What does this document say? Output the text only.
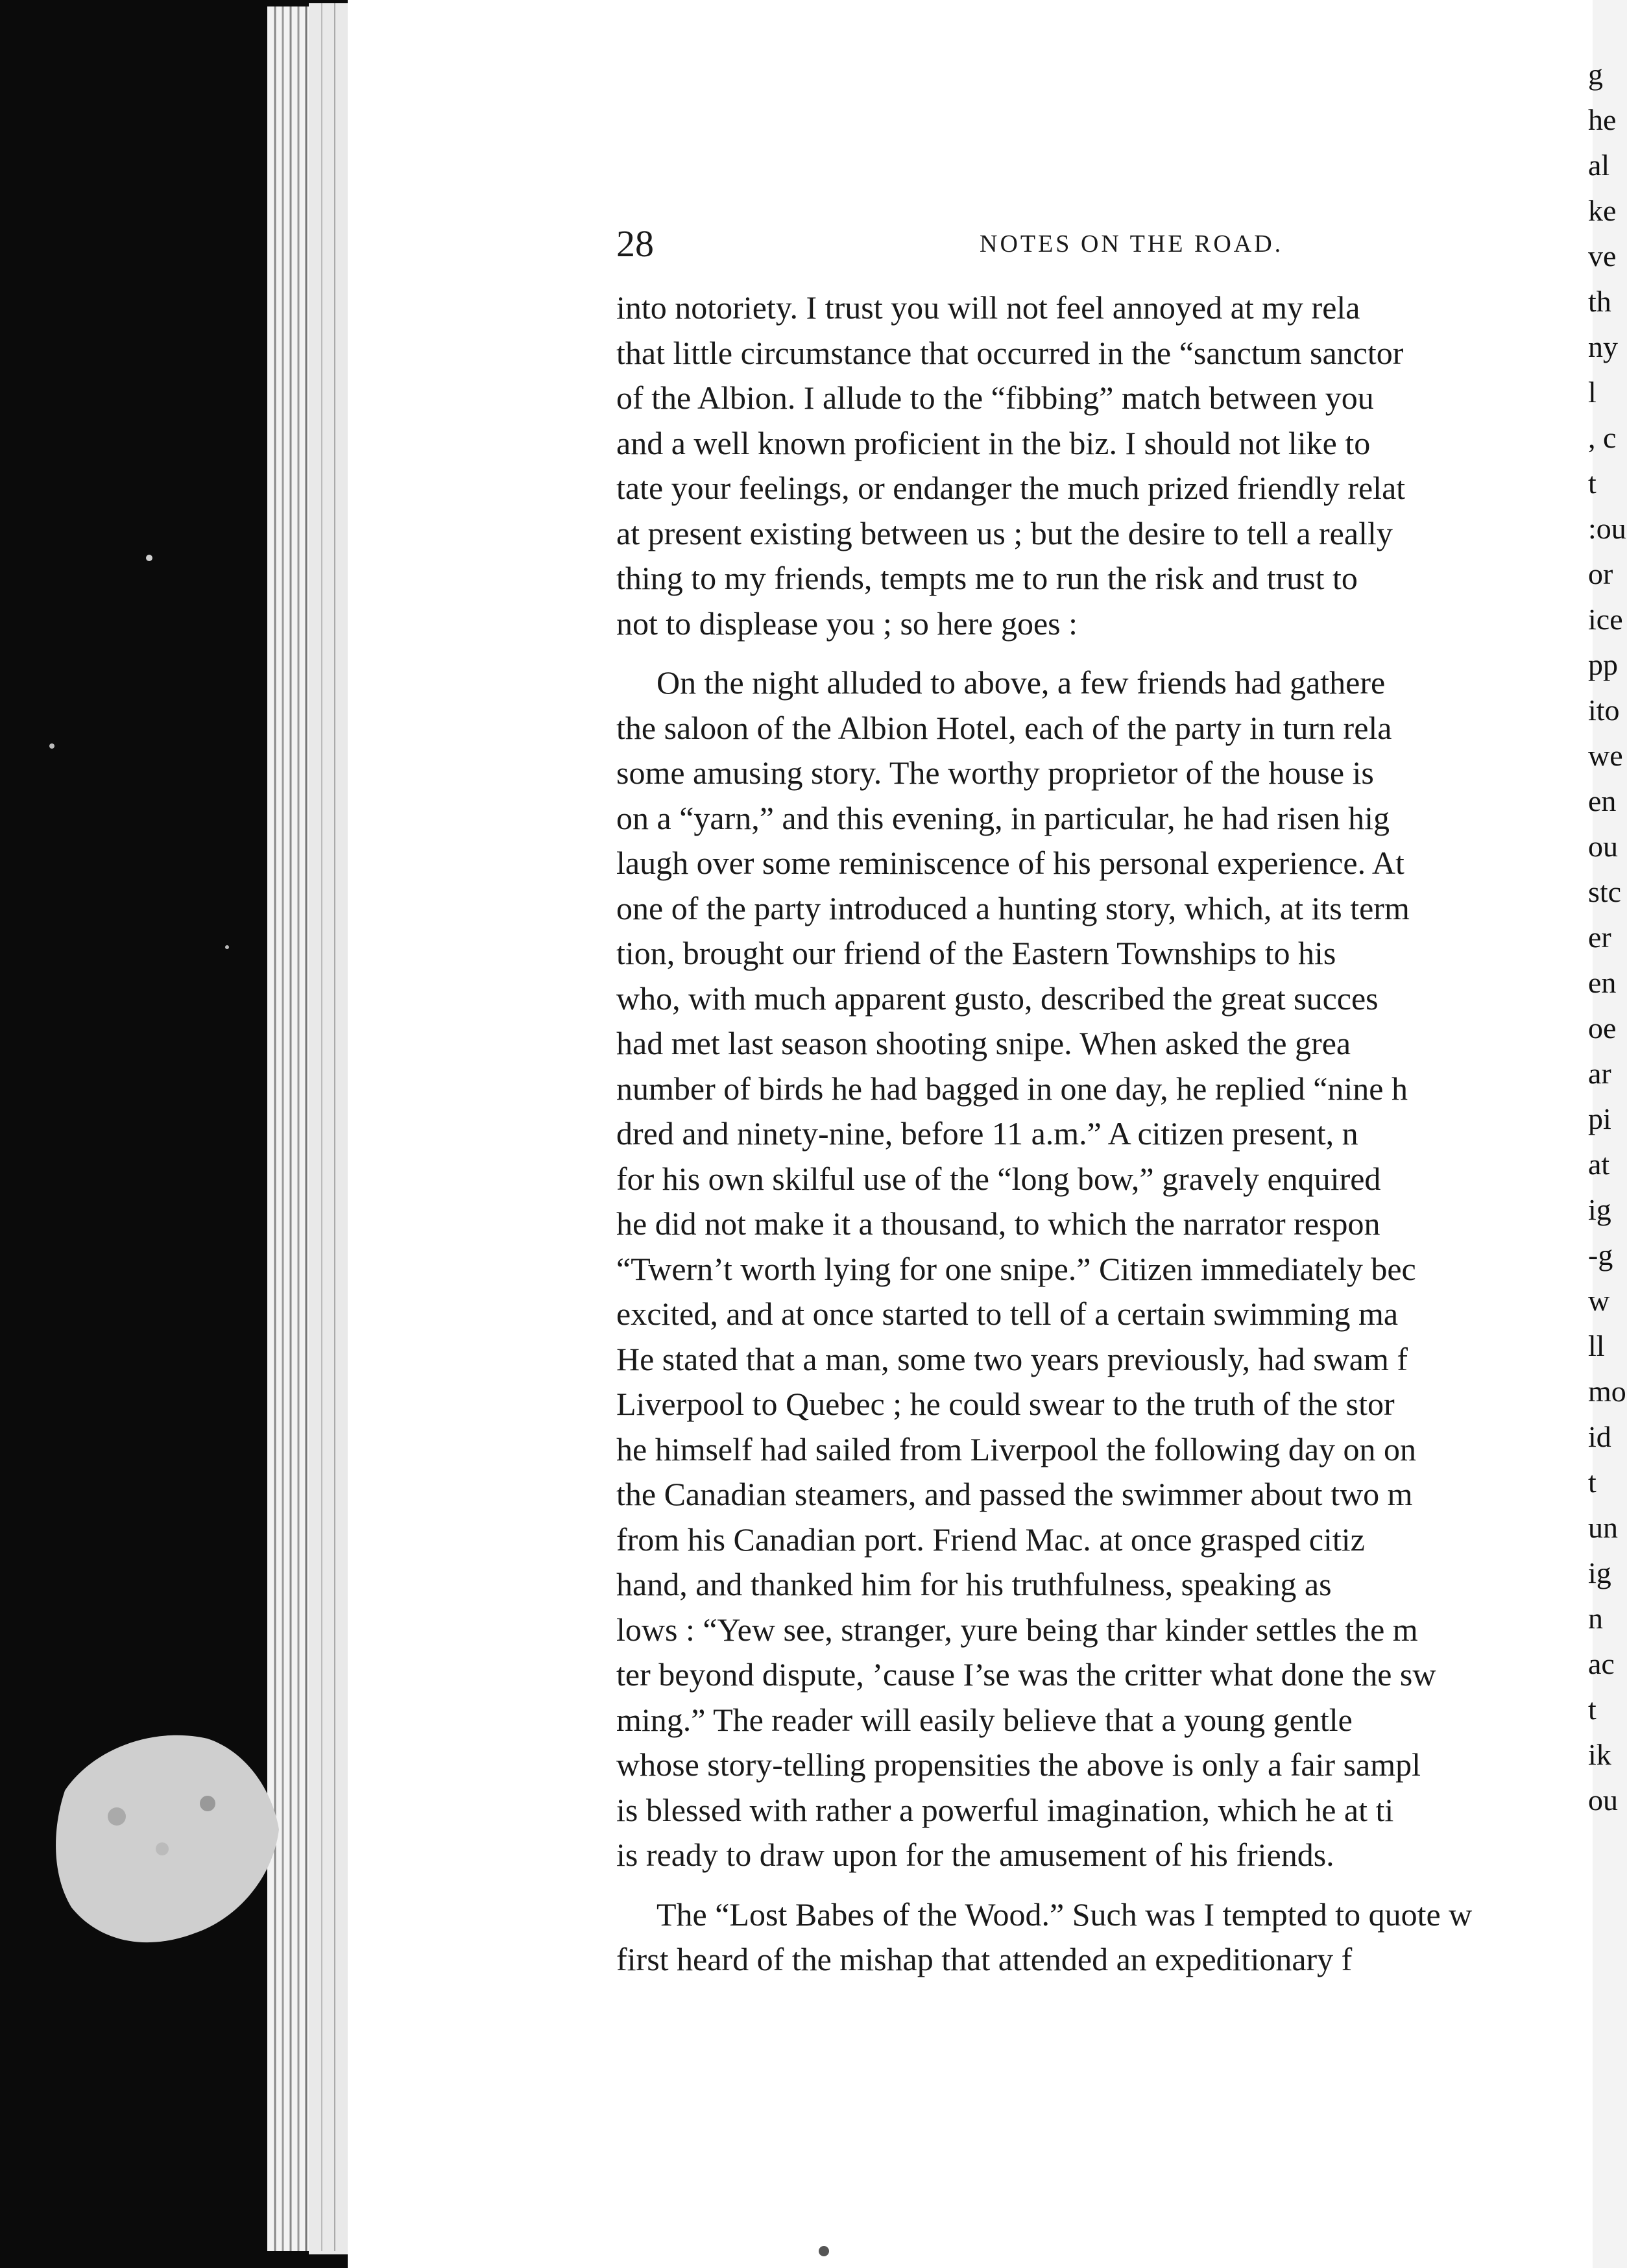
28	NOTES ON THE ROAD.
into notoriety. I trust you will not feel annoyed at my rela
that little circumstance that occurred in the “sanctum sanctor
of the Albion. I allude to the “fibbing” match between you
and a well known proficient in the biz. I should not like to
tate your feelings, or endanger the much prized friendly relat
at present existing between us ; but the desire to tell a really
thing to my friends, tempts me to run the risk and trust to
not to displease you ; so here goes :
On the night alluded to above, a few friends had gathere
the saloon of the Albion Hotel, each of the party in turn rela
some amusing story. The worthy proprietor of the house is
on a “yarn,” and this evening, in particular, he had risen hig
laugh over some reminiscence of his personal experience. At
one of the party introduced a hunting story, which, at its term
tion, brought our friend of the Eastern Townships to his
who, with much apparent gusto, described the great succes
had met last season shooting snipe. When asked the grea
number of birds he had bagged in one day, he replied “nine h
dred and ninety-nine, before 11 a.m.” A citizen present, n
for his own skilful use of the “long bow,” gravely enquired
he did not make it a thousand, to which the narrator respon
“Twern’t worth lying for one snipe.” Citizen immediately bec
excited, and at once started to tell of a certain swimming ma
He stated that a man, some two years previously, had swam f
Liverpool to Quebec ; he could swear to the truth of the stor
he himself had sailed from Liverpool the following day on on
the Canadian steamers, and passed the swimmer about two m
from his Canadian port. Friend Mac. at once grasped citiz
hand, and thanked him for his truthfulness, speaking as
lows : “Yew see, stranger, yure being thar kinder settles the m
ter beyond dispute, ’cause I’se was the critter what done the sw
ming.” The reader will easily believe that a young gentle
whose story-telling propensities the above is only a fair sampl
is blessed with rather a powerful imagination, which he at ti
is ready to draw upon for the amusement of his friends.
The “Lost Babes of the Wood.” Such was I tempted to quote w
first heard of the mishap that attended an expeditionary f
g
he
al
ke
ve
th
ny
l
, c
t
:ou
or
ice
pp
ito
we
en
ou
stc
er
en
oe
ar
pi
at
ig
-g
w
ll
mo
id
t
un
ig
n
ac
t
ik
ou
